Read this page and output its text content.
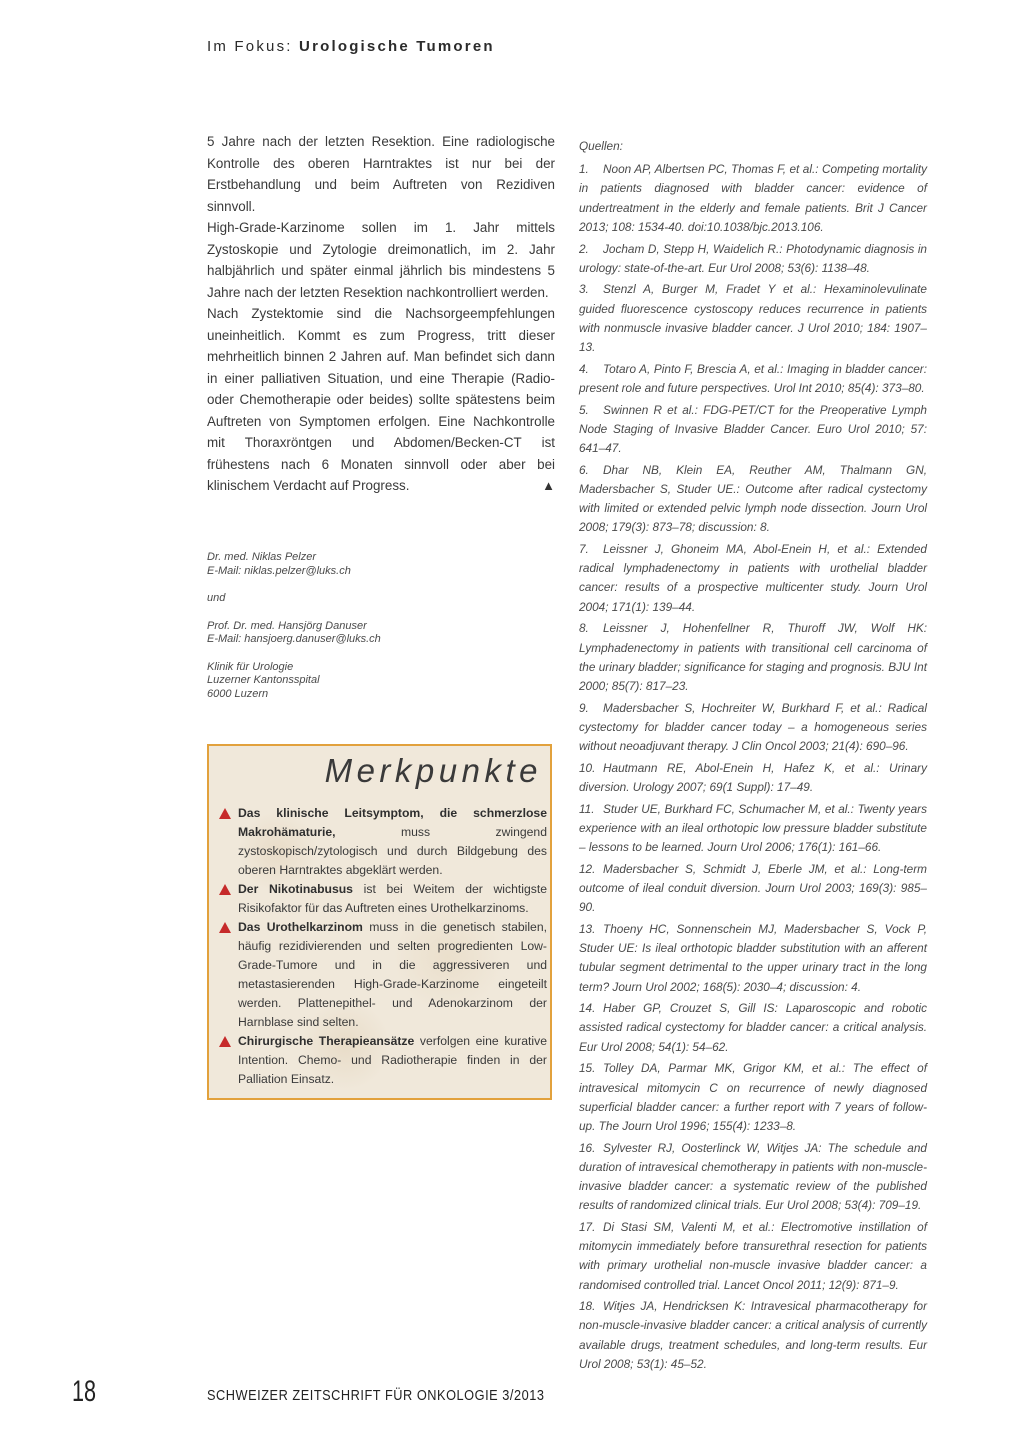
Im Fokus: Urologische Tumoren

5 Jahre nach der letzten Resektion. Eine radiologische Kontrolle des oberen Harntraktes ist nur bei der Erstbehandlung und beim Auftreten von Rezidiven sinnvoll.

High-Grade-Karzinome sollen im 1. Jahr mittels Zystoskopie und Zytologie dreimonatlich, im 2. Jahr halbjährlich und später einmal jährlich bis mindestens 5 Jahre nach der letzten Resektion nachkontrolliert werden.

Nach Zystektomie sind die Nachsorgeempfehlungen uneinheitlich. Kommt es zum Progress, tritt dieser mehrheitlich binnen 2 Jahren auf. Man befindet sich dann in einer palliativen Situation, und eine Therapie (Radio- oder Chemotherapie oder beides) sollte spätestens beim Auftreten von Symptomen erfolgen. Eine Nachkontrolle mit Thoraxröntgen und Abdomen/Becken-CT ist frühestens nach 6 Monaten sinnvoll oder aber bei klinischem Verdacht auf Progress.	▲

Dr. med. Niklas Pelzer
E-Mail: niklas.pelzer@luks.ch
und
Prof. Dr. med. Hansjörg Danuser
E-Mail: hansjoerg.danuser@luks.ch
Klinik für Urologie
Luzerner Kantonsspital
6000 Luzern
Merkpunkte
Das klinische Leitsymptom, die schmerzlose Makrohämaturie, muss zwingend zystoskopisch/zytologisch und durch Bildgebung des oberen Harntraktes abgeklärt werden.
Der Nikotinabusus ist bei Weitem der wichtigste Risikofaktor für das Auftreten eines Urothelkarzinoms.
Das Urothelkarzinom muss in die genetisch stabilen, häufig rezidivierenden und selten progredienten Low-Grade-Tumore und in die aggressiveren und metastasierenden High-Grade-Karzinome eingeteilt werden. Plattenepithel- und Adenokarzinom der Harnblase sind selten.
Chirurgische Therapieansätze verfolgen eine kurative Intention. Chemo- und Radiotherapie finden in der Palliation Einsatz.

Quellen:

1. Noon AP, Albertsen PC, Thomas F, et al.: Competing mortality in patients diagnosed with bladder cancer: evidence of undertreatment in the elderly and female patients. Brit J Cancer 2013; 108: 1534-40. doi:10.1038/bjc.2013.106.

2. Jocham D, Stepp H, Waidelich R.: Photodynamic diagnosis in urology: state-of-the-art. Eur Urol 2008; 53(6): 1138–48.

3. Stenzl A, Burger M, Fradet Y et al.: Hexaminolevulinate guided fluorescence cystoscopy reduces recurrence in patients with nonmuscle invasive bladder cancer. J Urol 2010; 184: 1907–13.

4. Totaro A, Pinto F, Brescia A, et al.: Imaging in bladder cancer: present role and future perspectives. Urol Int 2010; 85(4): 373–80.

5. Swinnen R et al.: FDG-PET/CT for the Preoperative Lymph Node Staging of Invasive Bladder Cancer. Euro Urol 2010; 57: 641–47.

6. Dhar NB, Klein EA, Reuther AM, Thalmann GN, Madersbacher S, Studer UE.: Outcome after radical cystectomy with limited or extended pelvic lymph node dissection. Journ Urol 2008; 179(3): 873–78; discussion: 8.

7. Leissner J, Ghoneim MA, Abol-Enein H, et al.: Extended radical lymphadenectomy in patients with urothelial bladder cancer: results of a prospective multicenter study. Journ Urol 2004; 171(1): 139–44.

8. Leissner J, Hohenfellner R, Thuroff JW, Wolf HK: Lymphadenectomy in patients with transitional cell carcinoma of the urinary bladder; significance for staging and prognosis. BJU Int 2000; 85(7): 817–23.

9. Madersbacher S, Hochreiter W, Burkhard F, et al.: Radical cystectomy for bladder cancer today – a homogeneous series without neoadjuvant therapy. J Clin Oncol 2003; 21(4): 690–96.

10. Hautmann RE, Abol-Enein H, Hafez K, et al.: Urinary diversion. Urology 2007; 69(1 Suppl): 17–49.

11. Studer UE, Burkhard FC, Schumacher M, et al.: Twenty years experience with an ileal orthotopic low pressure bladder substitute – lessons to be learned. Journ Urol 2006; 176(1): 161–66.

12. Madersbacher S, Schmidt J, Eberle JM, et al.: Long-term outcome of ileal conduit diversion. Journ Urol 2003; 169(3): 985–90.

13. Thoeny HC, Sonnenschein MJ, Madersbacher S, Vock P, Studer UE: Is ileal orthotopic bladder substitution with an afferent tubular segment detrimental to the upper urinary tract in the long term? Journ Urol 2002; 168(5): 2030–4; discussion: 4.

14. Haber GP, Crouzet S, Gill IS: Laparoscopic and robotic assisted radical cystectomy for bladder cancer: a critical analysis. Eur Urol 2008; 54(1): 54–62.

15. Tolley DA, Parmar MK, Grigor KM, et al.: The effect of intravesical mitomycin C on recurrence of newly diagnosed superficial bladder cancer: a further report with 7 years of follow-up. The Journ Urol 1996; 155(4): 1233–8.

16. Sylvester RJ, Oosterlinck W, Witjes JA: The schedule and duration of intravesical chemotherapy in patients with non-muscle-invasive bladder cancer: a systematic review of the published results of randomized clinical trials. Eur Urol 2008; 53(4): 709–19.

17. Di Stasi SM, Valenti M, et al.: Electromotive instillation of mitomycin immediately before transurethral resection for patients with primary urothelial non-muscle invasive bladder cancer: a randomised controlled trial. Lancet Oncol 2011; 12(9): 871–9.

18. Witjes JA, Hendricksen K: Intravesical pharmacotherapy for non-muscle-invasive bladder cancer: a critical analysis of currently available drugs, treatment schedules, and long-term results. Eur Urol 2008; 53(1): 45–52.

18	SCHWEIZER ZEITSCHRIFT FÜR ONKOLOGIE 3/2013
